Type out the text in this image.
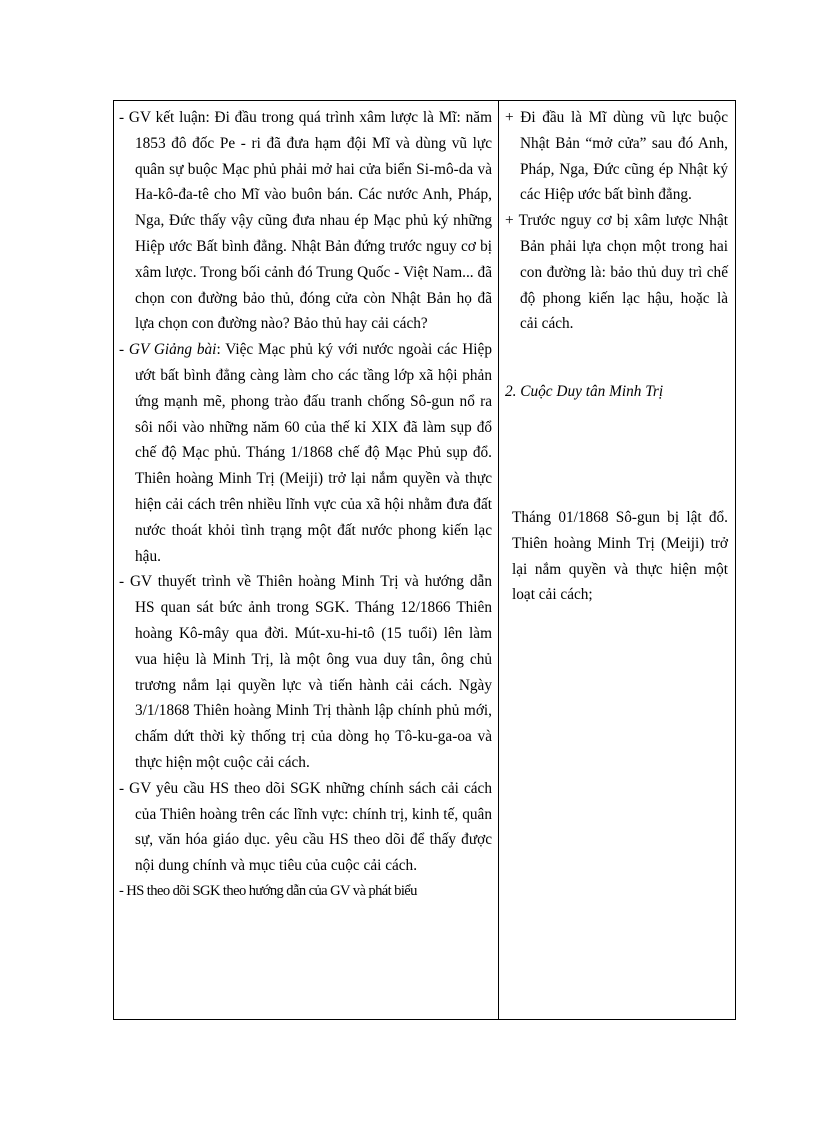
- GV kết luận: Đi đầu trong quá trình xâm lược là Mĩ: năm 1853 đô đốc Pe - ri đã đưa hạm đội Mĩ và dùng vũ lực quân sự buộc Mạc phủ phải mở hai cửa biển Si-mô-da và Ha-kô-đa-tê cho Mĩ vào buôn bán. Các nước Anh, Pháp, Nga, Đức thấy vậy cũng đưa nhau ép Mạc phủ ký những Hiệp ước Bất bình đẳng. Nhật Bản đứng trước nguy cơ bị xâm lược. Trong bối cảnh đó Trung Quốc - Việt Nam... đã chọn con đường bảo thủ, đóng cửa còn Nhật Bản họ đã lựa chọn con đường nào? Bảo thủ hay cải cách?

- GV Giảng bài: Việc Mạc phủ ký với nước ngoài các Hiệp ướt bất bình đẳng càng làm cho các tầng lớp xã hội phản ứng mạnh mẽ, phong trào đấu tranh chống Sô-gun nổ ra sôi nổi vào những năm 60 của thế kỉ XIX đã làm sụp đổ chế độ Mạc phủ. Tháng 1/1868 chế độ Mạc Phủ sụp đổ. Thiên hoàng Minh Trị (Meiji) trở lại nắm quyền và thực hiện cải cách trên nhiều lĩnh vực của xã hội nhằm đưa đất nước thoát khỏi tình trạng một đất nước phong kiến lạc hậu.

- GV thuyết trình về Thiên hoàng Minh Trị và hướng dẫn HS quan sát bức ảnh trong SGK. Tháng 12/1866 Thiên hoàng Kô-mây qua đời. Mút-xu-hi-tô (15 tuổi) lên làm vua hiệu là Minh Trị, là một ông vua duy tân, ông chủ trương nắm lại quyền lực và tiến hành cải cách. Ngày 3/1/1868 Thiên hoàng Minh Trị thành lập chính phủ mới, chấm dứt thời kỳ thống trị của dòng họ Tô-ku-ga-oa và thực hiện một cuộc cải cách.

- GV yêu cầu HS theo dõi SGK những chính sách cải cách của Thiên hoàng trên các lĩnh vực: chính trị, kinh tế, quân sự, văn hóa giáo dục. yêu cầu HS theo dõi để thấy được nội dung chính và mục tiêu của cuộc cải cách.

- HS theo dõi SGK theo hướng dẫn của GV và phát biểu

+ Đi đầu là Mĩ dùng vũ lực buộc Nhật Bản “mở cửa” sau đó Anh, Pháp, Nga, Đức cũng ép Nhật ký các Hiệp ước bất bình đẳng.

+ Trước nguy cơ bị xâm lược Nhật Bản phải lựa chọn một trong hai con đường là: bảo thủ duy trì chế độ phong kiến lạc hậu, hoặc là cải cách.

2. Cuộc Duy tân Minh Trị

Tháng 01/1868 Sô-gun bị lật đổ. Thiên hoàng Minh Trị (Meiji) trở lại nắm quyền và thực hiện một loạt cải cách;
